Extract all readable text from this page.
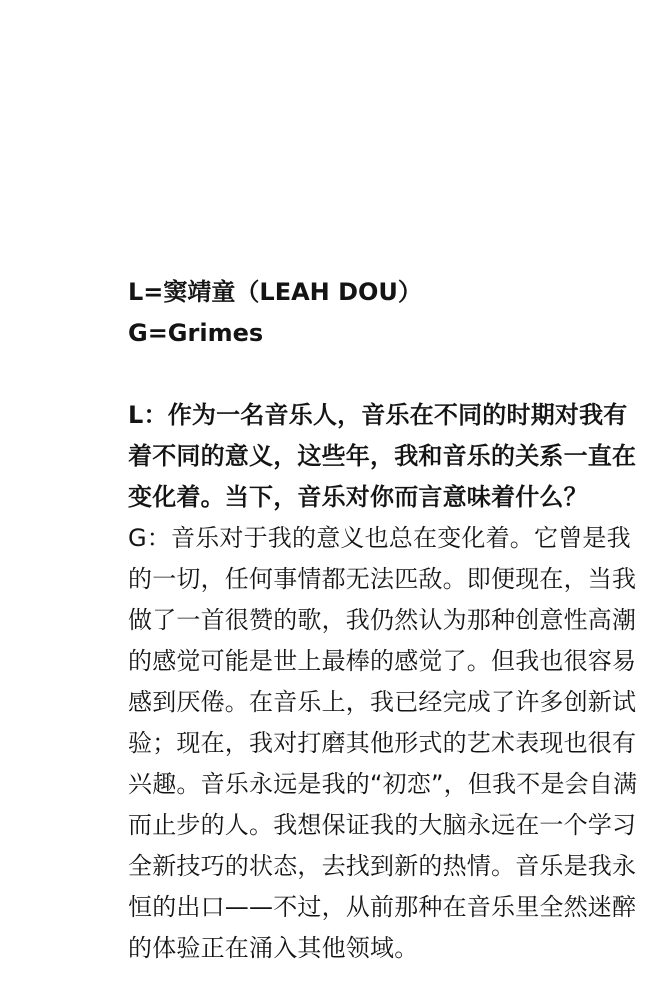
L=窦靖童（LEAH DOU）
G=Grimes
L：作为一名音乐人，音乐在不同的时期对我有着不同的意义，这些年，我和音乐的关系一直在变化着。当下，音乐对你而言意味着什么？
G：音乐对于我的意义也总在变化着。它曾是我的一切，任何事情都无法匹敌。即便现在，当我做了一首很赞的歌，我仍然认为那种创意性高潮的感觉可能是世上最棒的感觉了。但我也很容易感到厌倦。在音乐上，我已经完成了许多创新试验；现在，我对打磨其他形式的艺术表现也很有兴趣。音乐永远是我的“初恋”，但我不是会自满而止步的人。我想保证我的大脑永远在一个学习全新技巧的状态，去找到新的热情。音乐是我永恒的出口——不过，从前那种在音乐里全然迷醉的体验正在涌入其他领域。
